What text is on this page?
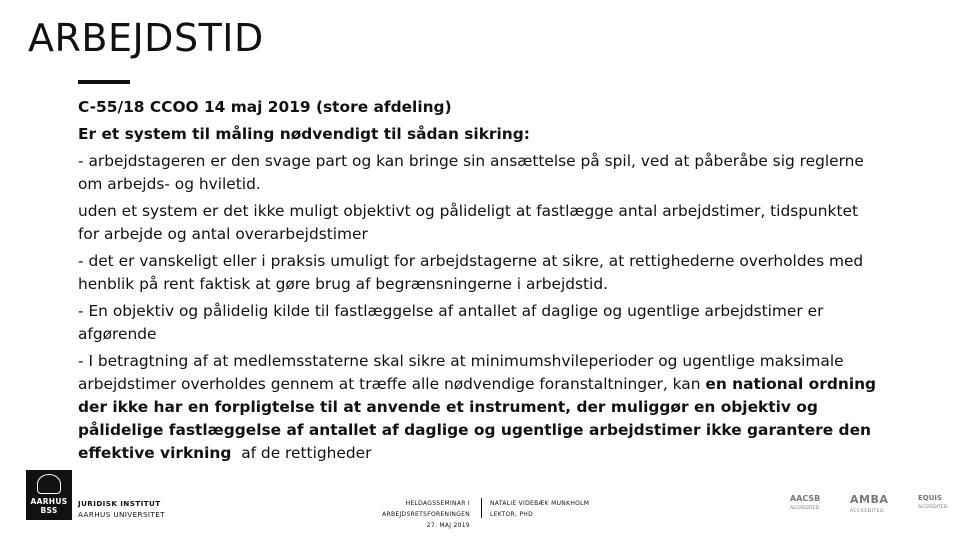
ARBEJDSTID

C-55/18 CCOO 14 maj 2019 (store afdeling)

Er et system til måling nødvendigt til sådan sikring:

- arbejdstageren er den svage part og kan bringe sin ansættelse på spil, ved at påberåbe sig reglerne om arbejds- og hviletid.

uden et system er det ikke muligt objektivt og pålideligt at fastlægge antal arbejdstimer, tidspunktet for arbejde og antal overarbejdstimer

- det er vanskeligt eller i praksis umuligt for arbejdstagerne at sikre, at rettighederne overholdes med henblik på rent faktisk at gøre brug af begrænsningerne i arbejdstid.

- En objektiv og pålidelig kilde til fastlæggelse af antallet af daglige og ugentlige arbejdstimer er afgørende

- I betragtning af at medlemsstaterne skal sikre at minimumshvileperioder og ugentlige maksimale arbejdstimer overholdes gennem at træffe alle nødvendige foranstaltninger, kan en national ordning der ikke har en forpligtelse til at anvende et instrument, der muliggør en objektiv og pålidelige fastlæggelse af antallet af daglige og ugentlige arbejdstimer ikke garantere den effektive virkning af de rettigheder

AARHUS
BSS
JURIDISK INSTITUT
AARHUS UNIVERSITET
HELDAGSSEMINAR I ARBEJDSRETSFORENINGEN
27. MAJ 2019
NATALIE VIDEBÆK MUNKHOLM
LEKTOR, PHD
AACSB
ACCREDITED
AMBA
ACCREDITED
EQUIS
ACCREDITED
